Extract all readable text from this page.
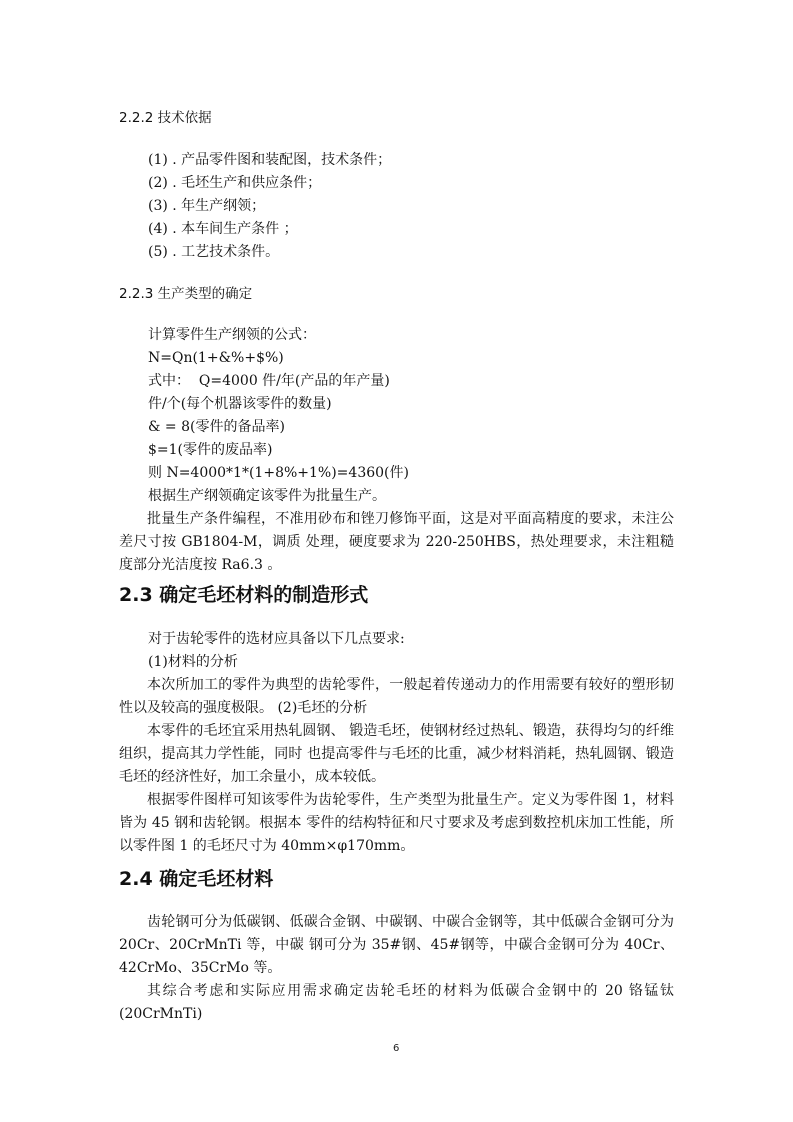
2.2.2 技术依据
(1) . 产品零件图和装配图，技术条件；
(2) . 毛坯生产和供应条件；
(3) . 年生产纲领；
(4) . 本车间生产条件 ；
(5) . 工艺技术条件。
2.2.3 生产类型的确定
计算零件生产纲领的公式：
N=Qn(1+&%+$%)
式中：  Q=4000 件/年(产品的年产量)
件/个(每个机器该零件的数量)
& = 8(零件的备品率)
$=1(零件的废品率)
则 N=4000*1*(1+8%+1%)=4360(件)
根据生产纲领确定该零件为批量生产。
批量生产条件编程，不准用砂布和锉刀修饰平面，这是对平面高精度的要求，未注公差尺寸按 GB1804-M，调质 处理，硬度要求为 220-250HBS，热处理要求，未注粗糙度部分光洁度按 Ra6.3 。
2.3 确定毛坯材料的制造形式
对于齿轮零件的选材应具备以下几点要求:
(1)材料的分析
本次所加工的零件为典型的齿轮零件，一般起着传递动力的作用需要有较好的塑形韧性以及较高的强度极限。 (2)毛坯的分析
本零件的毛坯宜采用热轧圆钢、 锻造毛坯，使钢材经过热轧、锻造，获得均匀的纤维组织，提高其力学性能，同时 也提高零件与毛坯的比重，减少材料消耗，热轧圆钢、锻造毛坯的经济性好，加工余量小，成本较低。
根据零件图样可知该零件为齿轮零件，生产类型为批量生产。定义为零件图 1，材料皆为 45 钢和齿轮钢。根据本 零件的结构特征和尺寸要求及考虑到数控机床加工性能，所以零件图 1 的毛坯尺寸为 40mm×φ170mm。
2.4 确定毛坯材料
齿轮钢可分为低碳钢、低碳合金钢、中碳钢、中碳合金钢等，其中低碳合金钢可分为 20Cr、20CrMnTi 等，中碳 钢可分为 35#钢、45#钢等，中碳合金钢可分为 40Cr、42CrMo、35CrMo 等。
其综合考虑和实际应用需求确定齿轮毛坯的材料为低碳合金钢中的 20 铬锰钛(20CrMnTi)
6
